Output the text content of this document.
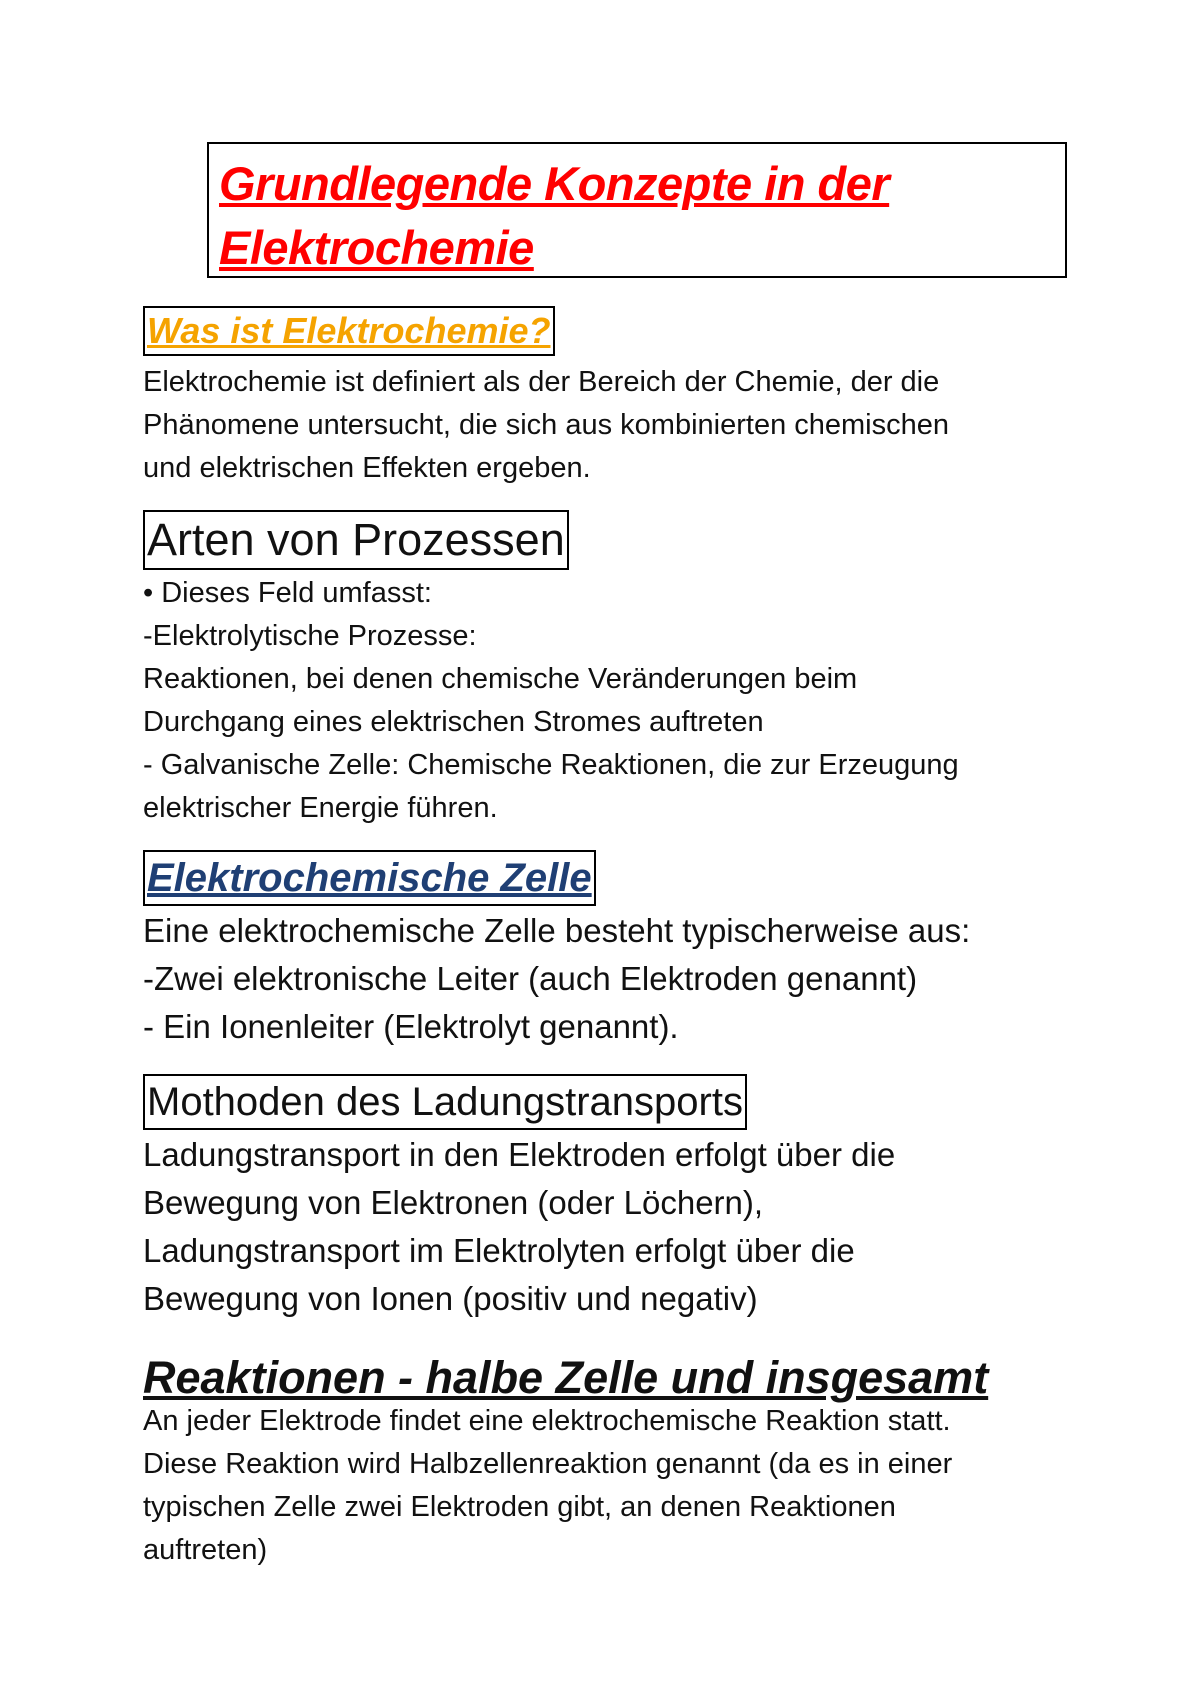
Grundlegende Konzepte in der
Elektrochemie
Was ist Elektrochemie?
Elektrochemie ist definiert als der Bereich der Chemie, der die
Phänomene untersucht, die sich aus kombinierten chemischen
und elektrischen Effekten ergeben.
Arten von Prozessen
• Dieses Feld umfasst:
-Elektrolytische Prozesse:
Reaktionen, bei denen chemische Veränderungen beim
Durchgang eines elektrischen Stromes auftreten
- Galvanische Zelle: Chemische Reaktionen, die zur Erzeugung
elektrischer Energie führen.
Elektrochemische Zelle
Eine elektrochemische Zelle besteht typischerweise aus:
-Zwei elektronische Leiter (auch Elektroden genannt)
- Ein Ionenleiter (Elektrolyt genannt).
Mothoden des Ladungstransports
Ladungstransport in den Elektroden erfolgt über die
Bewegung von Elektronen (oder Löchern),
Ladungstransport im Elektrolyten erfolgt über die
Bewegung von Ionen (positiv und negativ)
Reaktionen - halbe Zelle und insgesamt
An jeder Elektrode findet eine elektrochemische Reaktion statt.
Diese Reaktion wird Halbzellenreaktion genannt (da es in einer
typischen Zelle zwei Elektroden gibt, an denen Reaktionen
auftreten)
